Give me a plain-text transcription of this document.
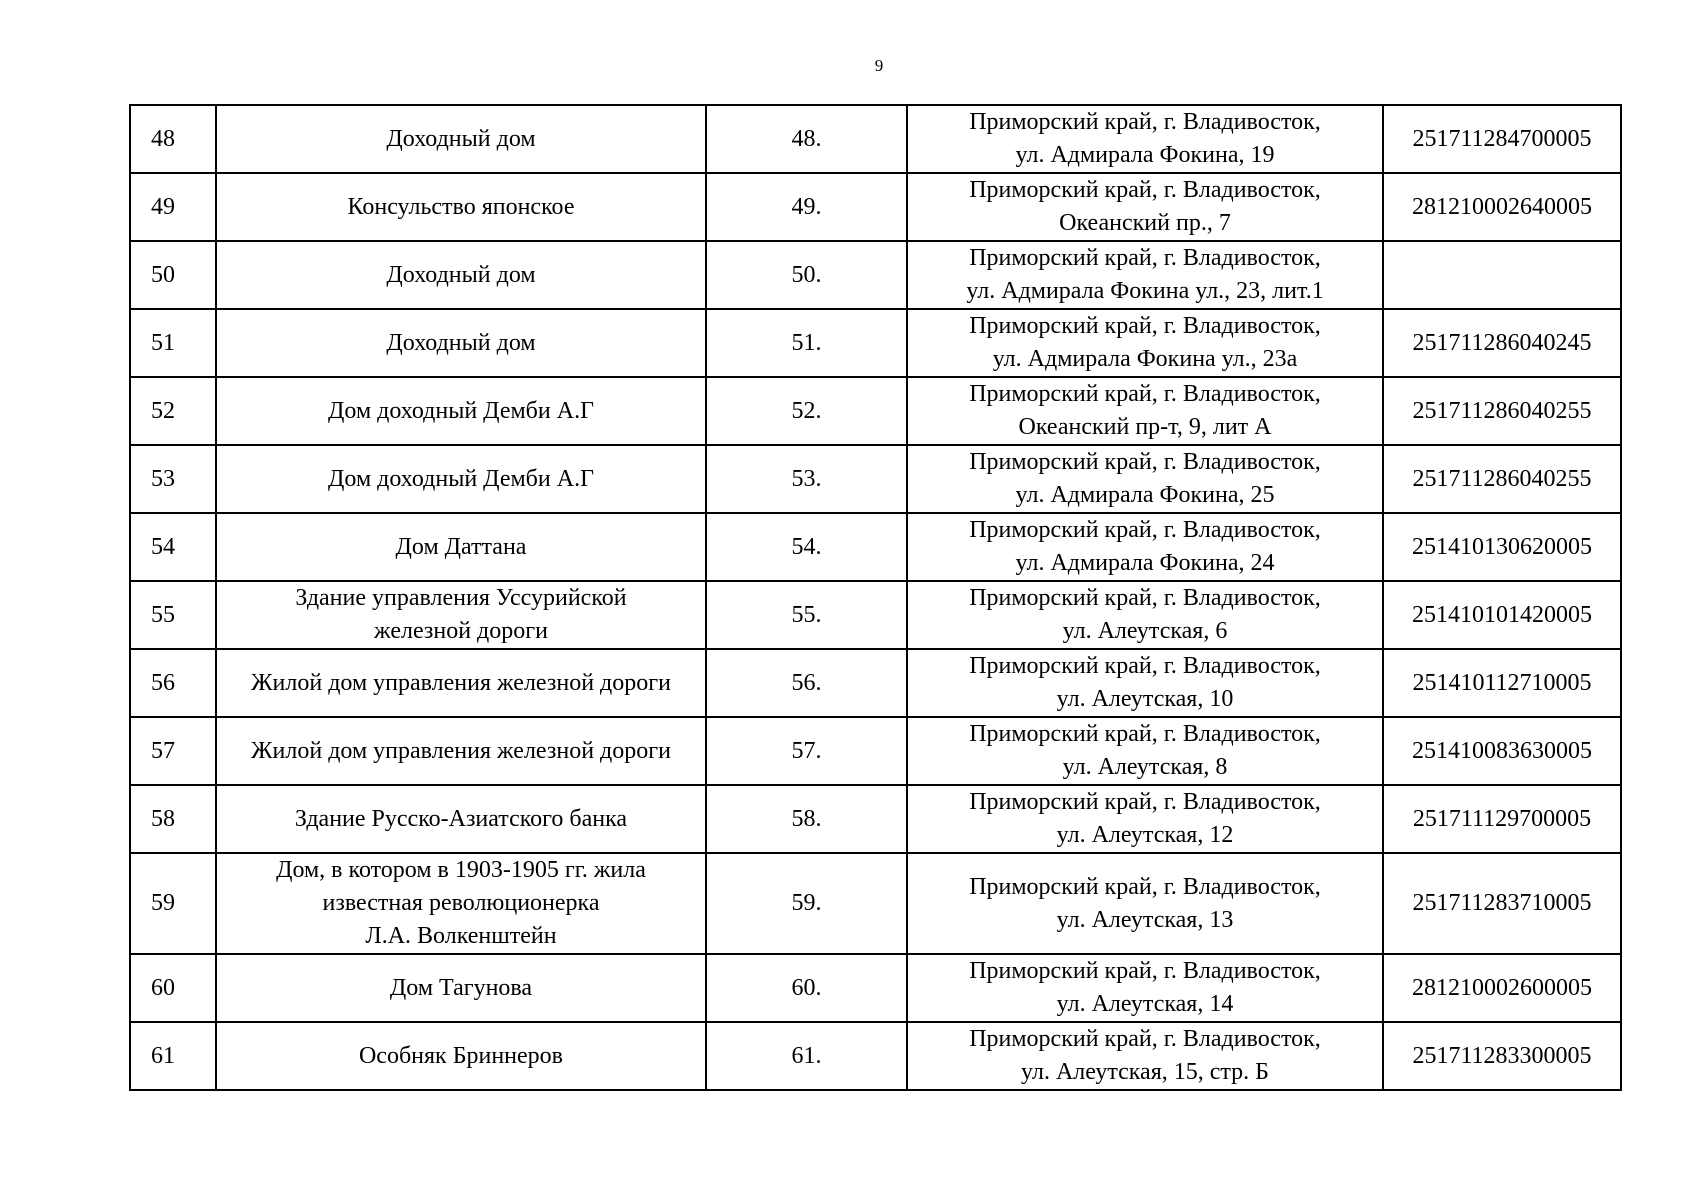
9
48	Доходный дом	48.	Приморский край, г. Владивосток,
ул. Адмирала Фокина, 19	251711284700005
49	Консульство японское	49.	Приморский край, г. Владивосток,
Океанский пр., 7	281210002640005
50	Доходный дом	50.	Приморский край, г. Владивосток,
ул. Адмирала Фокина ул., 23, лит.1	

51	Доходный дом	51.	Приморский край, г. Владивосток,
ул. Адмирала Фокина ул., 23а	251711286040245
52	Дом доходный Демби А.Г	52.	Приморский край, г. Владивосток,
Океанский пр-т, 9, лит А	251711286040255
53	Дом доходный Демби А.Г	53.	Приморский край, г. Владивосток,
ул. Адмирала Фокина, 25	251711286040255
54	Дом Даттана	54.	Приморский край, г. Владивосток,
ул. Адмирала Фокина, 24	251410130620005
55	Здание управления Уссурийской
железной дороги	55.	Приморский край, г. Владивосток,
ул. Алеутская, 6	251410101420005
56	Жилой дом управления железной дороги	56.	Приморский край, г. Владивосток,
ул. Алеутская, 10	251410112710005
57	Жилой дом управления железной дороги	57.	Приморский край, г. Владивосток,
ул. Алеутская, 8	251410083630005
58	Здание Русско-Азиатского банка	58.	Приморский край, г. Владивосток,
ул. Алеутская, 12	251711129700005
59	Дом, в котором в 1903-1905 гг. жила
известная революционерка
Л.А. Волкенштейн	59.	Приморский край, г. Владивосток,
ул. Алеутская, 13	251711283710005
60	Дом Тагунова	60.	Приморский край, г. Владивосток,
ул. Алеутская, 14	281210002600005
61	Особняк Бриннеров	61.	Приморский край, г. Владивосток,
ул. Алеутская, 15, стр. Б	251711283300005
